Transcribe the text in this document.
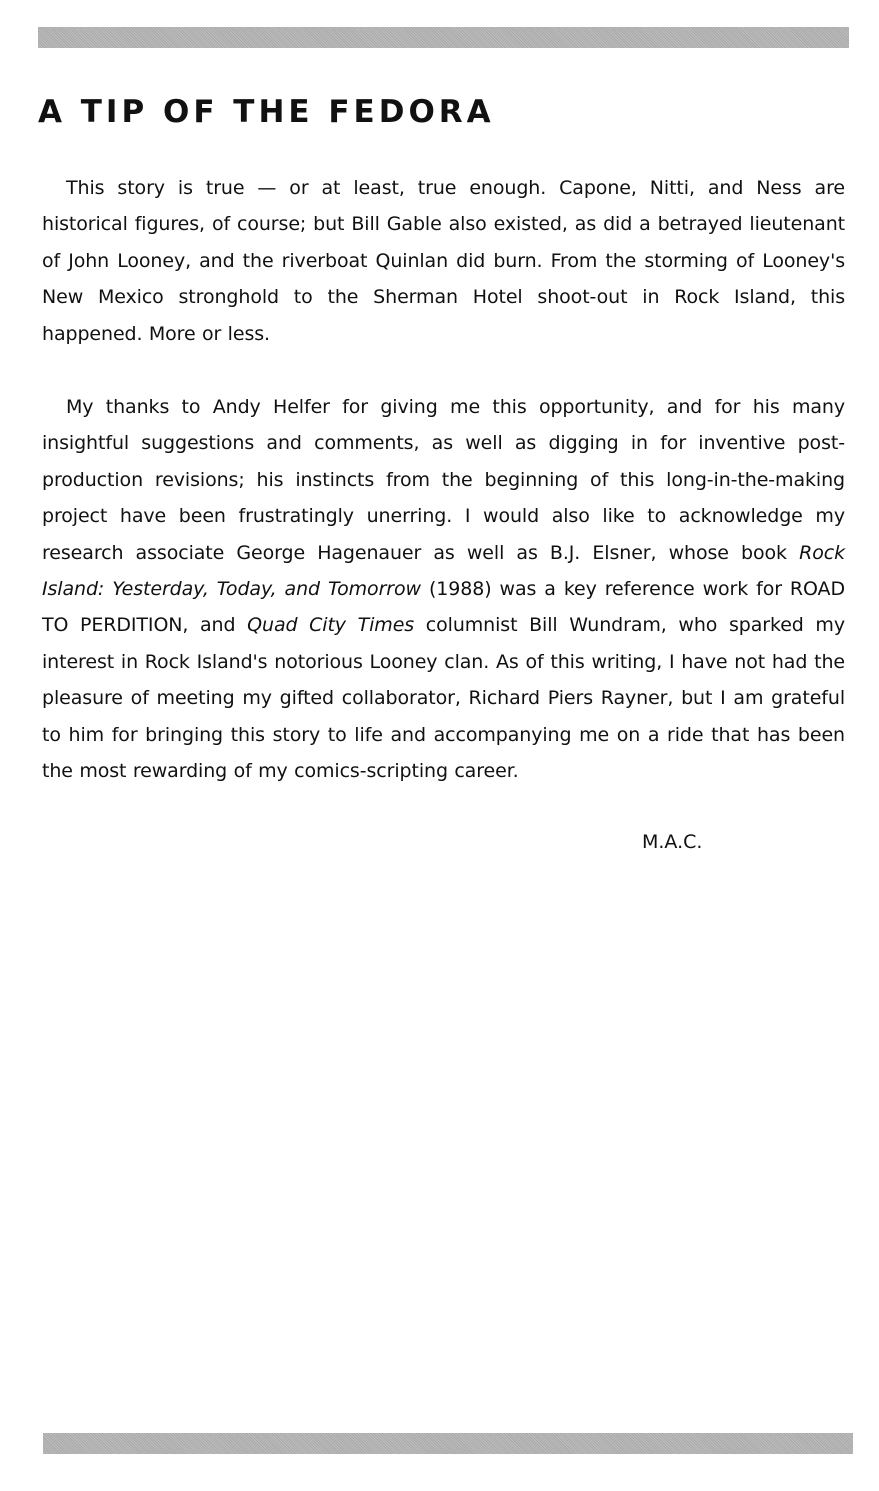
A TIP OF THE FEDORA

This story is true — or at least, true enough. Capone, Nitti, and Ness are historical figures, of course; but Bill Gable also existed, as did a betrayed lieutenant of John Looney, and the riverboat Quinlan did burn. From the storming of Looney's New Mexico stronghold to the Sherman Hotel shoot-out in Rock Island, this happened. More or less.

My thanks to Andy Helfer for giving me this opportunity, and for his many insightful suggestions and comments, as well as digging in for inventive post-production revisions; his instincts from the beginning of this long-in-the-making project have been frustratingly unerring. I would also like to acknowledge my research associate George Hagenauer as well as B.J. Elsner, whose book Rock Island: Yesterday, Today, and Tomorrow (1988) was a key reference work for ROAD TO PERDITION, and Quad City Times columnist Bill Wundram, who sparked my interest in Rock Island's notorious Looney clan. As of this writing, I have not had the pleasure of meeting my gifted collaborator, Richard Piers Rayner, but I am grateful to him for bringing this story to life and accompanying me on a ride that has been the most rewarding of my comics-scripting career.

M.A.C.
